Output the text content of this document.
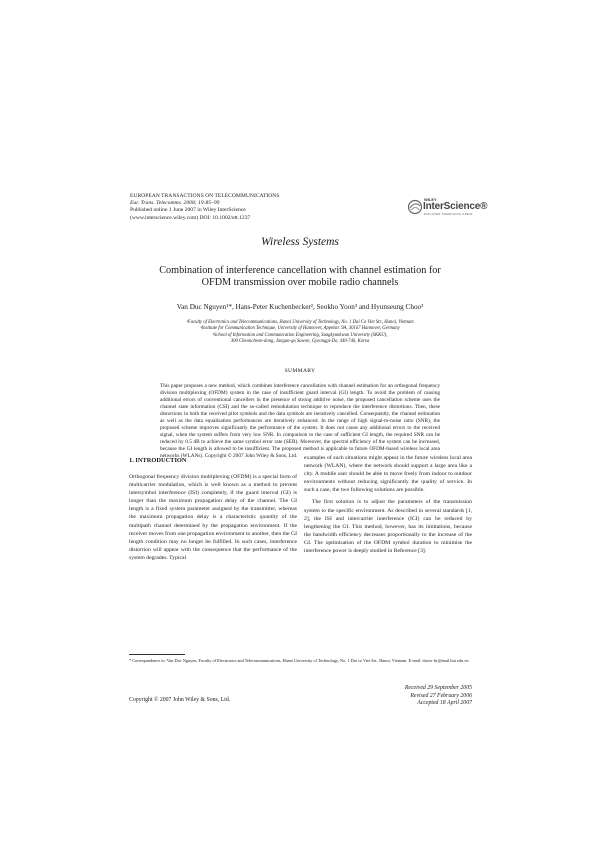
EUROPEAN TRANSACTIONS ON TELECOMMUNICATIONS
Eur. Trans. Telecomms. 2008; 19:85–99
Published online 1 June 2007 in Wiley InterScience
(www.interscience.wiley.com) DOI: 10.1002/ett.1237
WILEY
InterScience®
DISCOVER SOMETHING GREAT
Wireless Systems
Combination of interference cancellation with channel estimation for
OFDM transmission over mobile radio channels
Van Duc Nguyen¹*, Hans-Peter Kuchenbecker², Seokho Yoon³ and Hyunseung Choo³
¹Faculty of Electronics and Telecommunications, Hanoi University of Technology, No. 1 Dai Co Viet Str., Hanoi, Vietnam
²Institute for Communication Technique, University of Hannover, Appelstr. 9A, 30167 Hannover, Germany
³School of Information and Communication Engineering, Sungkyunkwan University (SKKU),
300 Cheoncheon-dong, Jangan-gu Suwon, Gyeonggi-Do, 440-746, Korea
SUMMARY
This paper proposes a new method, which combines interference cancellation with channel estimation for an orthogonal frequency division multiplexing (OFDM) system in the case of insufficient guard interval (GI) length. To avoid the problem of causing additional errors of conventional cancellers in the presence of strong additive noise, the proposed cancellation scheme uses the channel state information (CSI) and the so-called remodulation technique to reproduce the interference distortions. Then, these distortions in both the received pilot symbols and the data symbols are iteratively cancelled. Consequently, the channel estimation as well as the data equalisation performances are iteratively enhanced. In the range of high signal-to-noise ratio (SNR), the proposed scheme improves significantly the performance of the system. It does not cause any additional errors to the received signal, when the system suffers from very low SNR. In comparison to the case of sufficient GI length, the required SNR can be reduced by 0.5 dB to achieve the same symbol error rate (SER). Moreover, the spectral efficiency of the system can be increased, because the GI length is allowed to be insufficient. The proposed method is applicable to future OFDM-based wireless local area networks (WLANs). Copyright © 2007 John Wiley & Sons, Ltd.
1. INTRODUCTION
Orthogonal frequency division multiplexing (OFDM) is a special form of multicarrier modulation, which is well known as a method to prevent intersymbol interference (ISI) completely, if the guard interval (GI) is longer than the maximum propagation delay of the channel. The GI length is a fixed system parameter assigned by the transmitter, whereas the maximum propagation delay is a characteristic quantity of the multipath channel determined by the propagation environment. If the receiver moves from one propagation environment to another, then the GI length condition may no longer be fulfilled. In such cases, interference distortion will appear with the consequence that the performance of the system degrades. Typical

examples of such situations might appear in the future wireless local area network (WLAN), where the network should support a large area like a city. A mobile user should be able to move freely from indoor to outdoor environments without reducing significantly the quality of service. In such a case, the two following solutions are possible.

The first solution is to adjust the parameters of the transmission system to the specific environment. As described in several standards [1, 2], the ISI and intercarrier interference (ICI) can be reduced by lengthening the GI. This method, however, has its limitations, because the bandwidth efficiency decreases proportionally to the increase of the GI. The optimisation of the OFDM symbol duration to minimise the interference power is deeply studied in Reference [3].

* Correspondence to: Van Duc Nguyen, Faculty of Electronics and Telecommunications, Hanoi University of Technology, No. 1 Dai co Viet Str., Hanoi, Vietnam. E-mail: duces-ftr@mail.hut.edu.vn
Received 29 September 2005
Revised 27 February 2006
Accepted 18 April 2007
Copyright © 2007 John Wiley & Sons, Ltd.
